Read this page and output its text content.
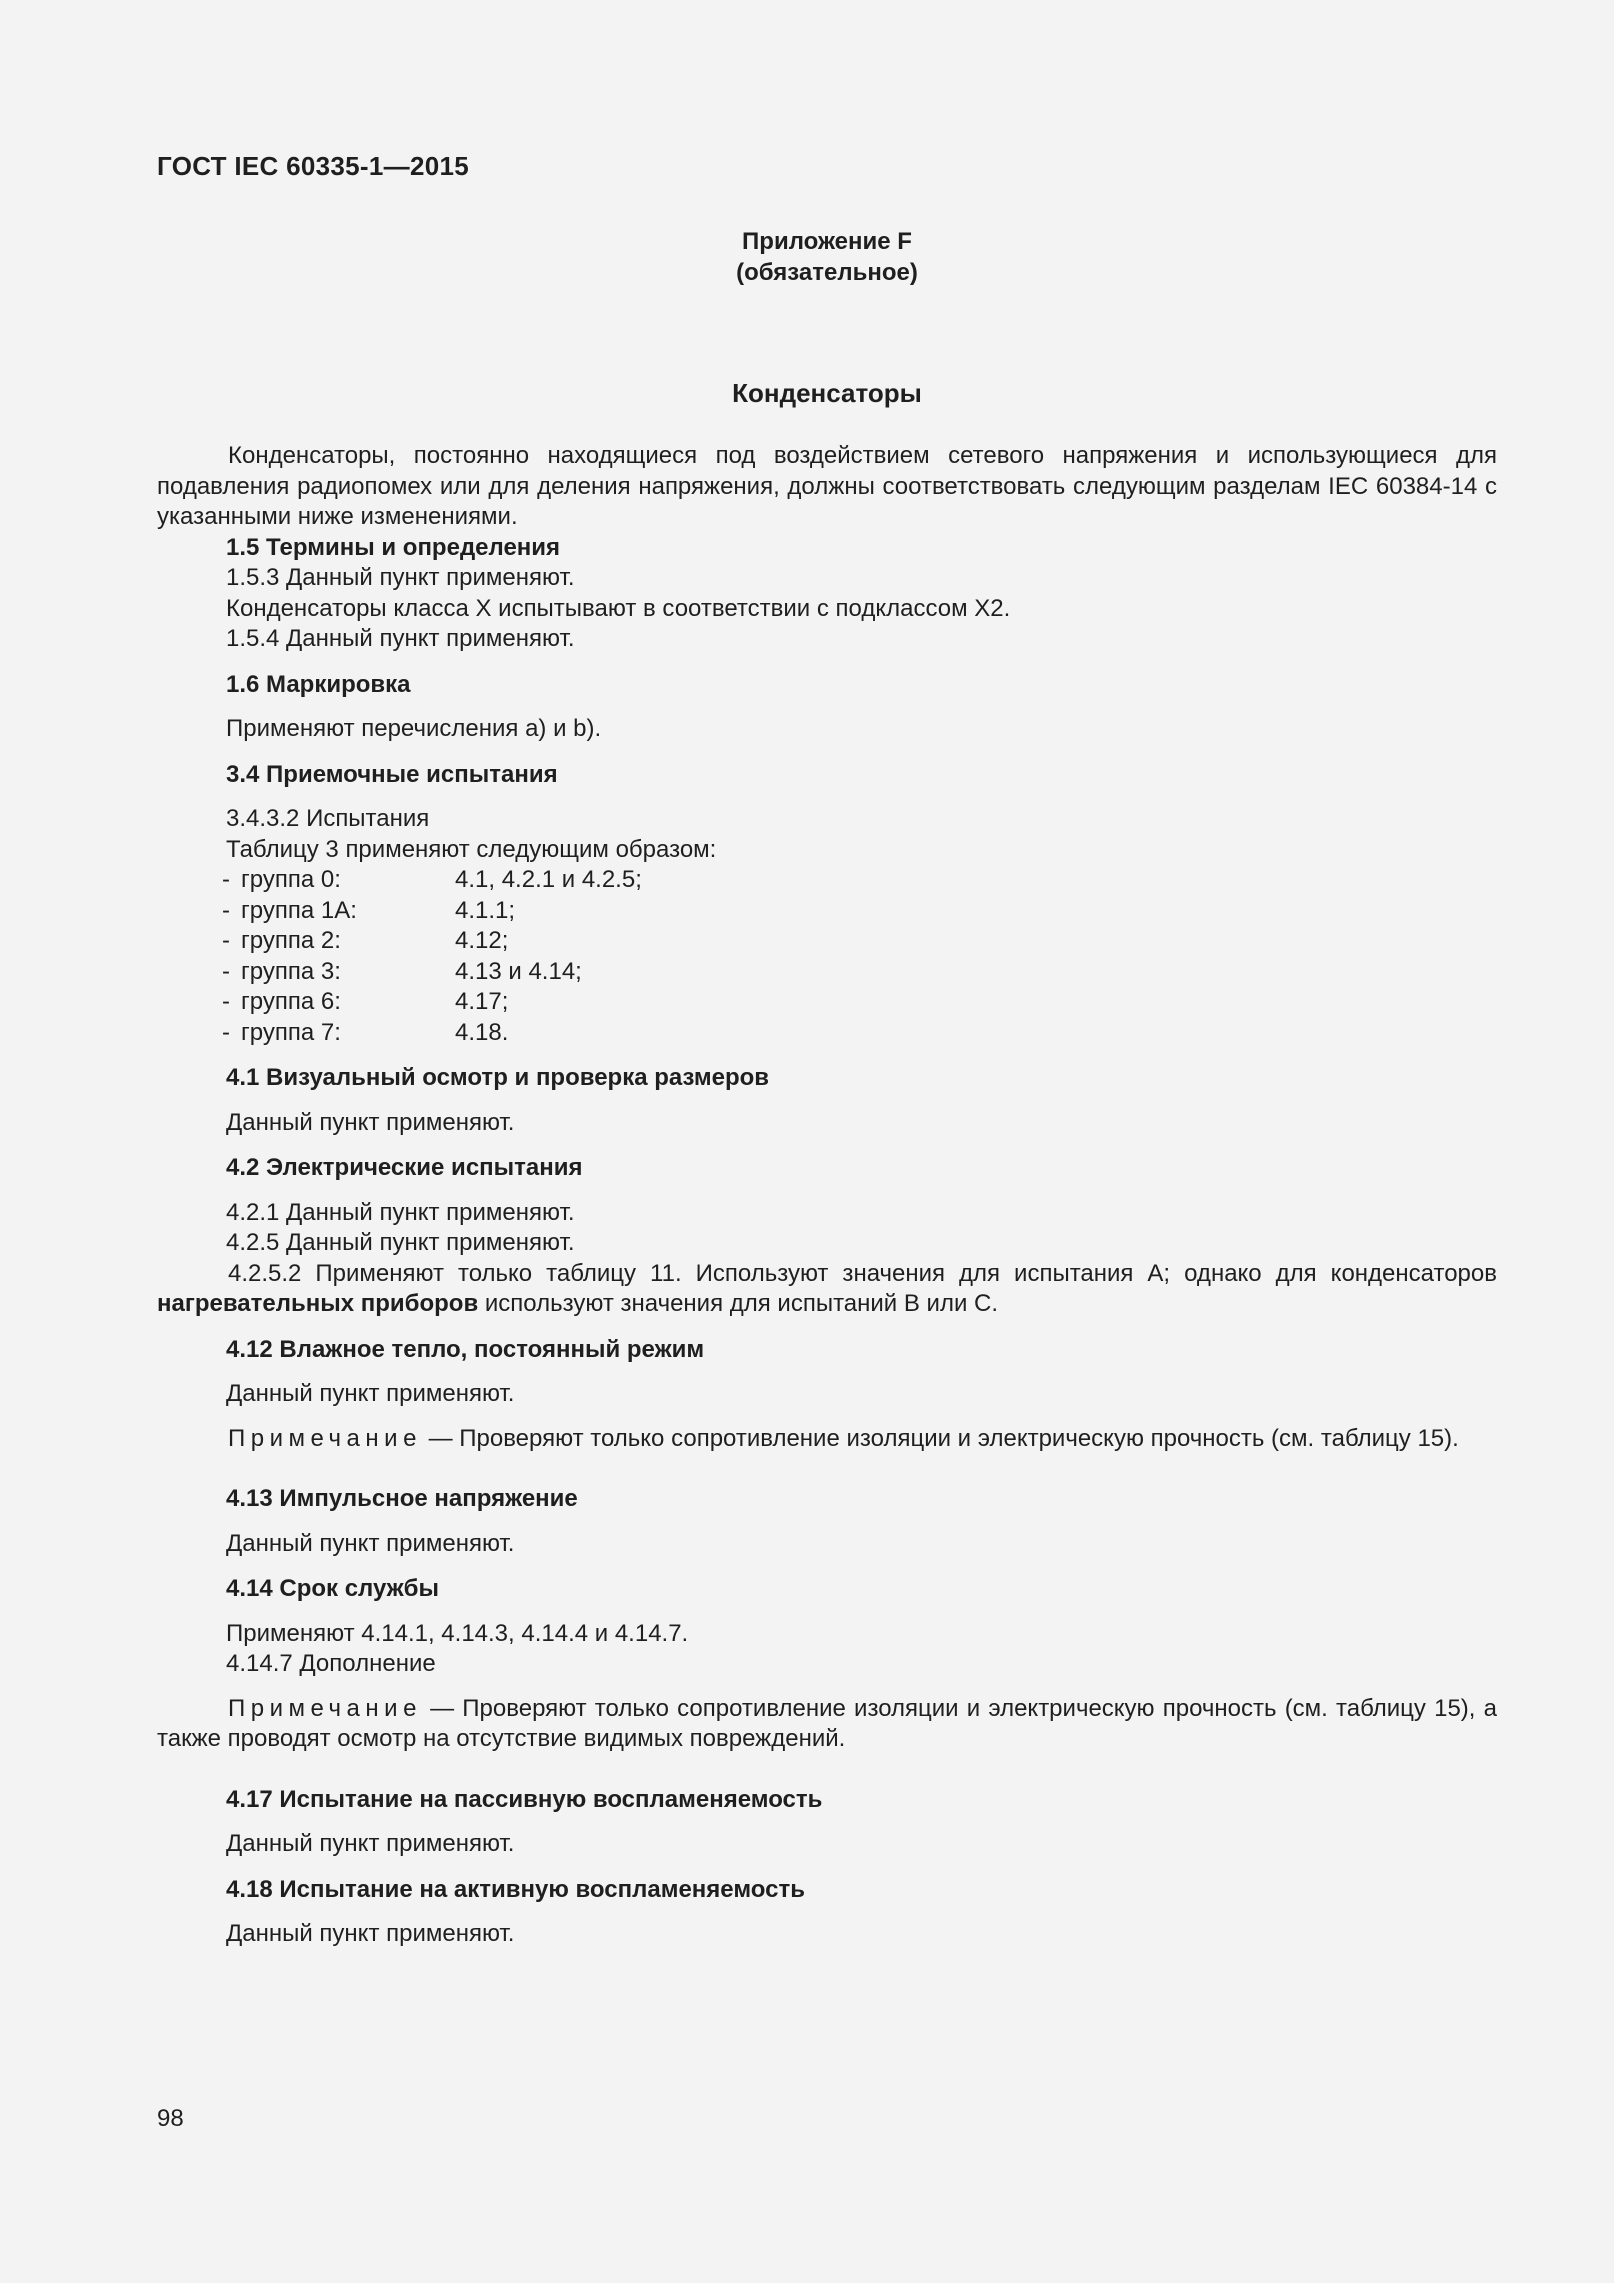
ГОСТ IEC 60335-1—2015
Приложение F
(обязательное)
Конденсаторы

Конденсаторы, постоянно находящиеся под воздействием сетевого напряжения и использующиеся для подавления радиопомех или для деления напряжения, должны соответствовать следующим разделам IEC 60384-14 с указанными ниже изменениями.

1.5 Термины и определения

1.5.3 Данный пункт применяют.

Конденсаторы класса Х испытывают в соответствии с подклассом Х2.

1.5.4 Данный пункт применяют.

1.6 Маркировка

Применяют перечисления а) и b).

3.4 Приемочные испытания

3.4.3.2 Испытания

Таблицу 3 применяют следующим образом:

- группа 0:	4.1, 4.2.1 и 4.2.5;
- группа 1А:	4.1.1;
- группа 2:	4.12;
- группа 3:	4.13 и 4.14;
- группа 6:	4.17;
- группа 7:	4.18.

4.1 Визуальный осмотр и проверка размеров

Данный пункт применяют.

4.2 Электрические испытания

4.2.1 Данный пункт применяют.

4.2.5 Данный пункт применяют.

4.2.5.2 Применяют только таблицу 11. Используют значения для испытания А; однако для конденсаторов нагревательных приборов используют значения для испытаний В или С.

4.12 Влажное тепло, постоянный режим

Данный пункт применяют.

Примечание — Проверяют только сопротивление изоляции и электрическую прочность (см. таблицу 15).

4.13 Импульсное напряжение

Данный пункт применяют.

4.14 Срок службы

Применяют 4.14.1, 4.14.3, 4.14.4 и 4.14.7.

4.14.7 Дополнение

Примечание — Проверяют только сопротивление изоляции и электрическую прочность (см. таблицу 15), а также проводят осмотр на отсутствие видимых повреждений.

4.17 Испытание на пассивную воспламеняемость

Данный пункт применяют.

4.18 Испытание на активную воспламеняемость

Данный пункт применяют.

98
